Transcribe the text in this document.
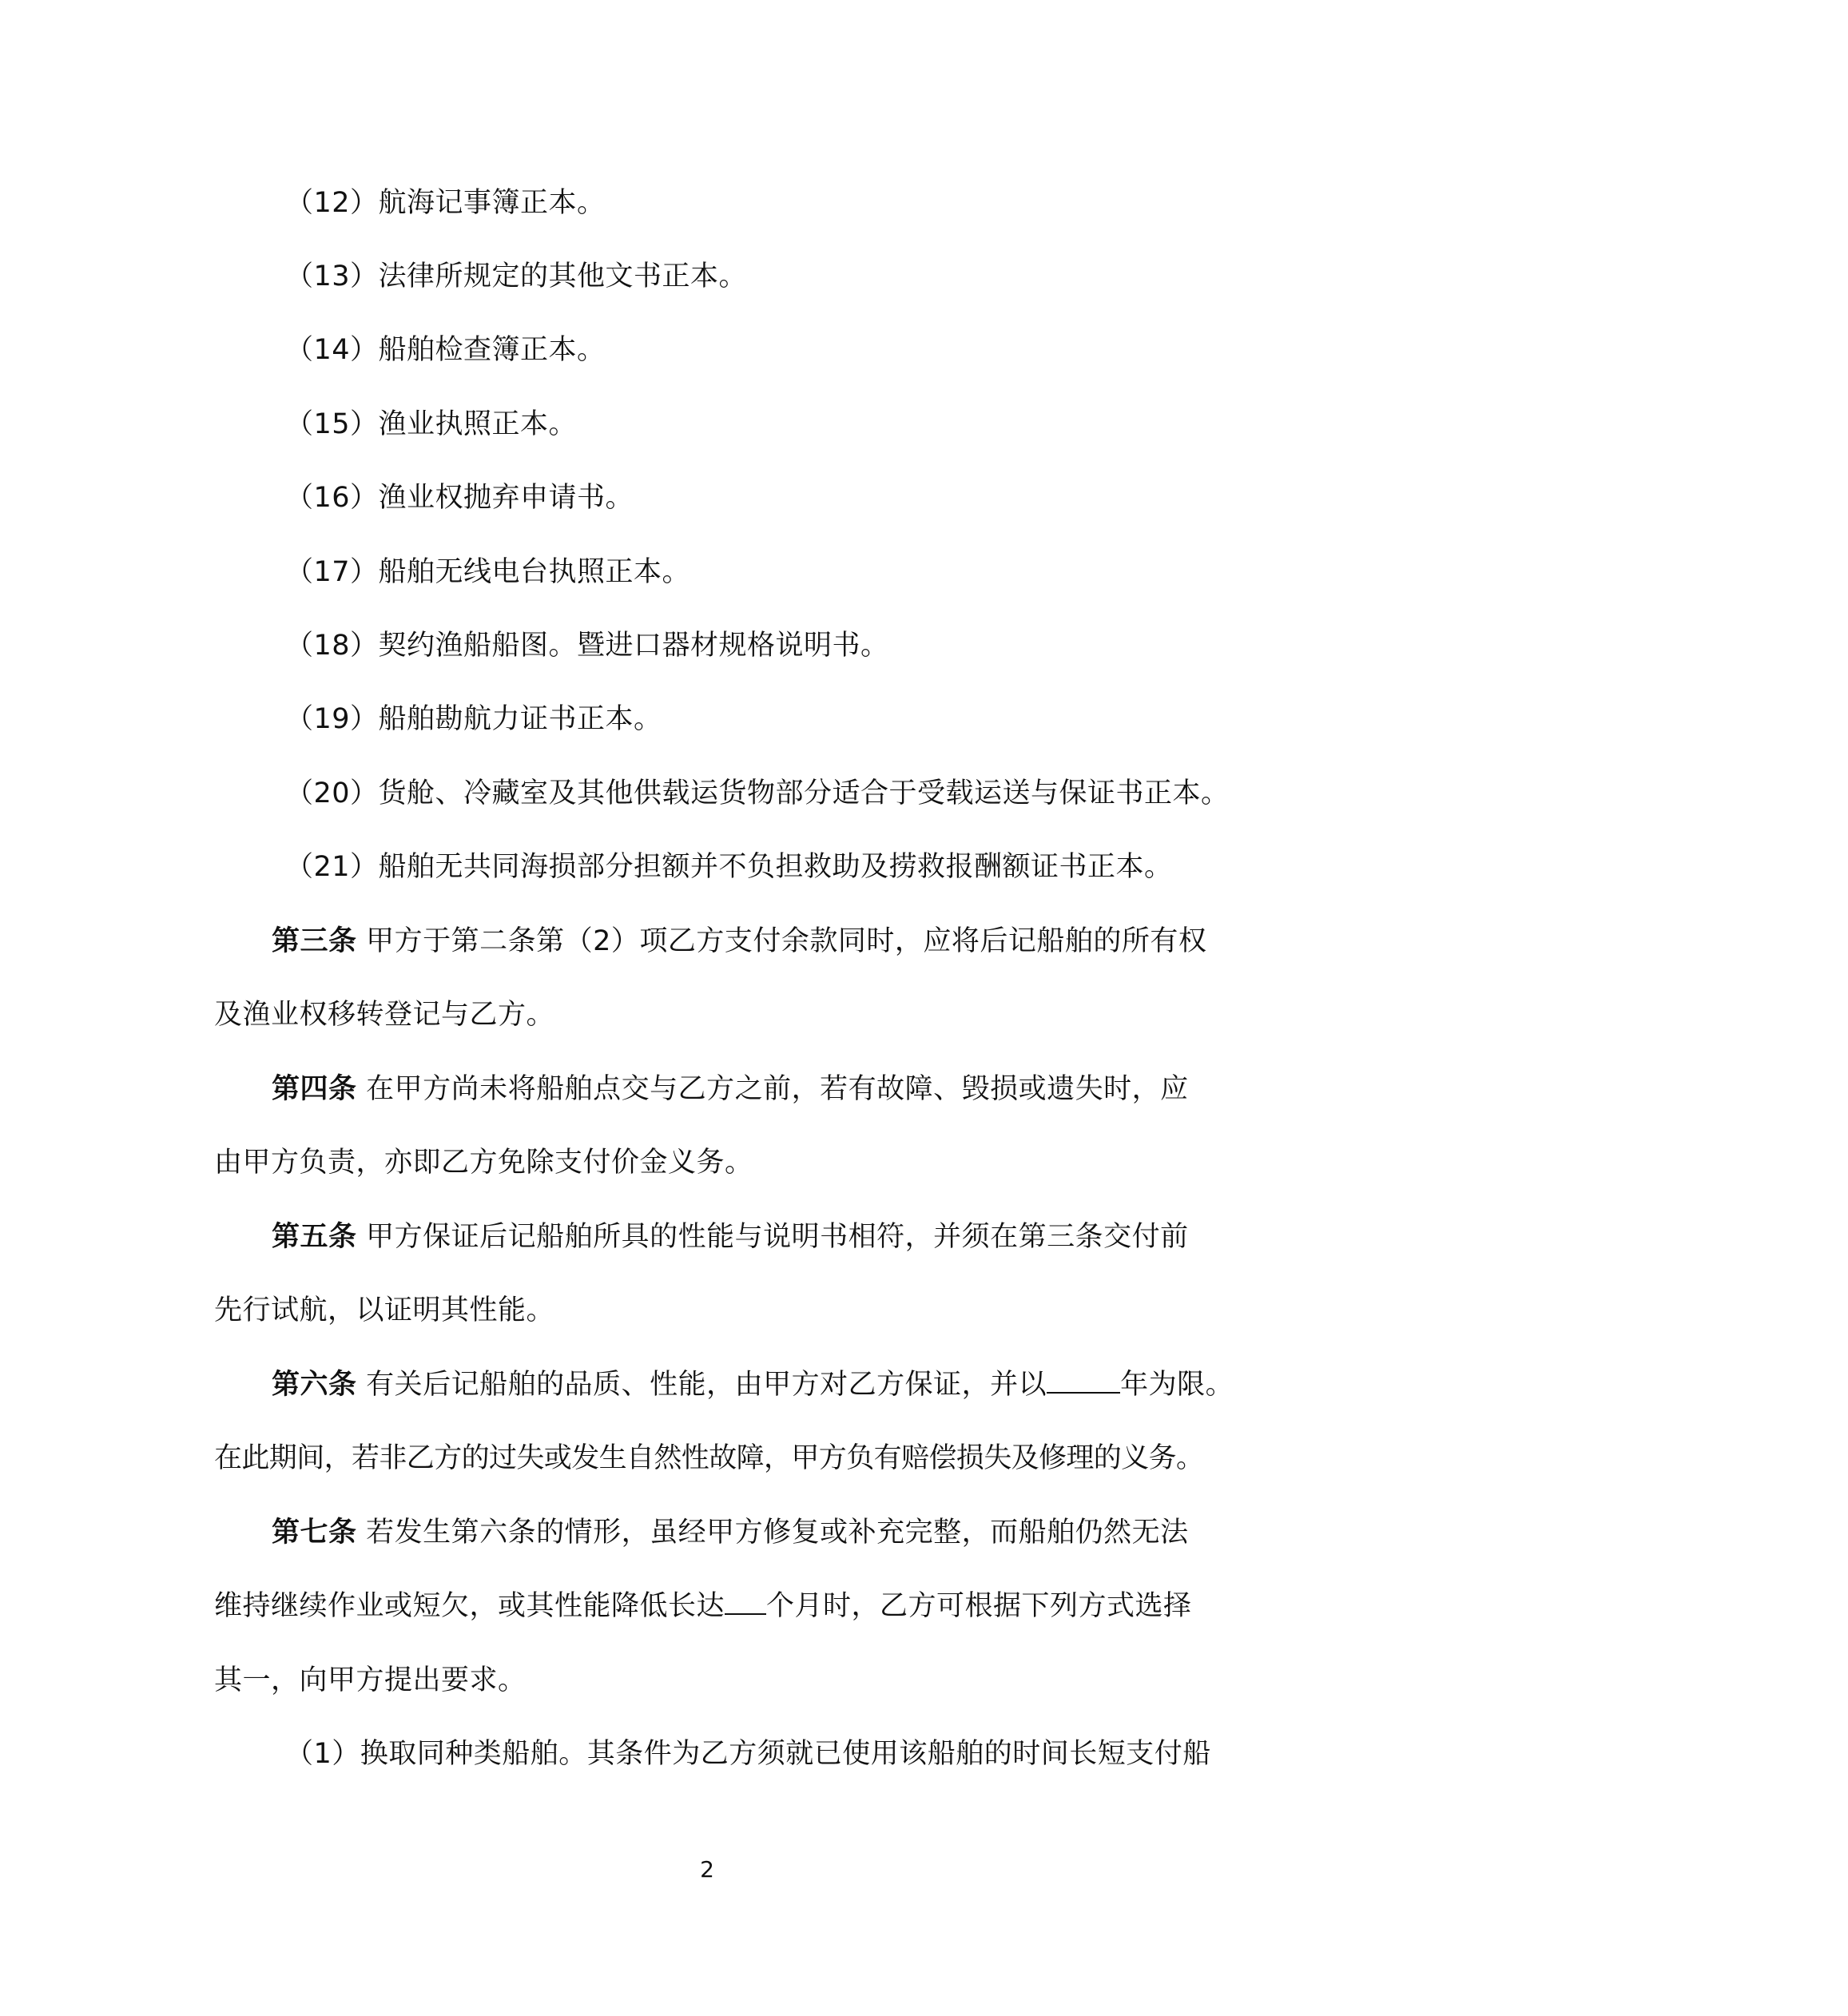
（12）航海记事簿正本。
（13）法律所规定的其他文书正本。
（14）船舶检查簿正本。
（15）渔业执照正本。
（16）渔业权抛弃申请书。
（17）船舶无线电台执照正本。
（18）契约渔船船图。暨进口器材规格说明书。
（19）船舶勘航力证书正本。
（20）货舱、冷藏室及其他供载运货物部分适合于受载运送与保证书正本。
（21）船舶无共同海损部分担额并不负担救助及捞救报酬额证书正本。
第三条 甲方于第二条第（2）项乙方支付余款同时，应将后记船舶的所有权
及渔业权移转登记与乙方。
第四条 在甲方尚未将船舶点交与乙方之前，若有故障、毁损或遗失时，应
由甲方负责，亦即乙方免除支付价金义务。
第五条 甲方保证后记船舶所具的性能与说明书相符，并须在第三条交付前
先行试航，以证明其性能。
第六条 有关后记船舶的品质、性能，由甲方对乙方保证，并以	年为限。
在此期间，若非乙方的过失或发生自然性故障，甲方负有赔偿损失及修理的义务。
第七条 若发生第六条的情形，虽经甲方修复或补充完整，而船舶仍然无法
维持继续作业或短欠，或其性能降低长达 个月时，乙方可根据下列方式选择
其一，向甲方提出要求。
（1）换取同种类船舶。其条件为乙方须就已使用该船舶的时间长短支付船
2
